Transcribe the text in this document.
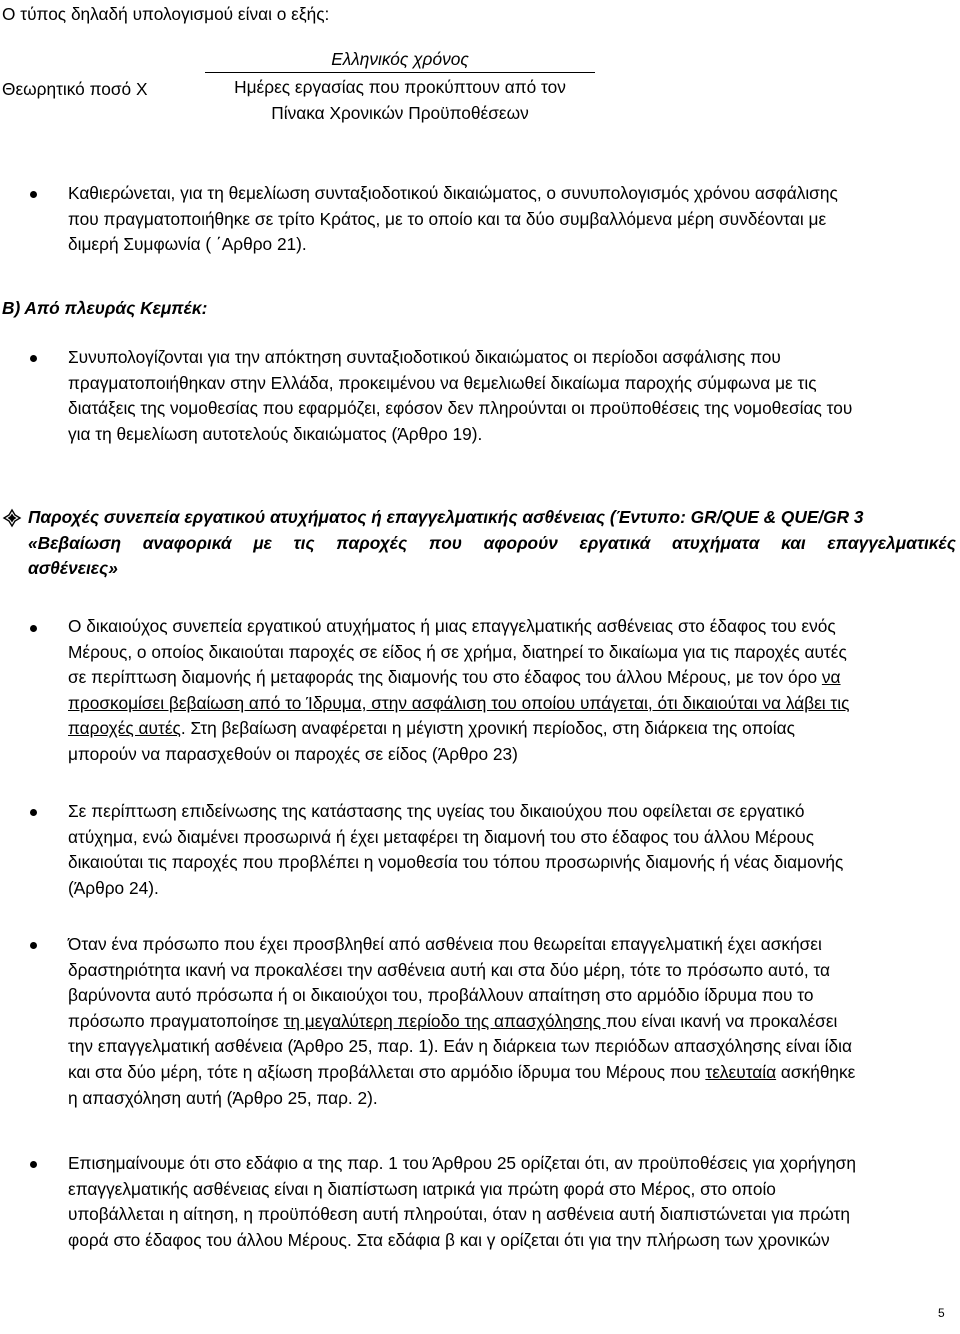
Ο τύπος δηλαδή υπολογισμού είναι ο εξής:
Θεωρητικό ποσό Χ
Ελληνικός χρόνος
Ημέρες εργασίας που προκύπτουν από τον
Πίνακα Χρονικών Προϋποθέσεων
Καθιερώνεται, για τη θεμελίωση συνταξιοδοτικού δικαιώματος, ο συνυπολογισμός χρόνου ασφάλισης
που πραγματοποιήθηκε σε τρίτο Κράτος, με το οποίο και τα δύο συμβαλλόμενα μέρη συνδέονται με
διμερή Συμφωνία ( ΄Αρθρο 21).
Β) Από πλευράς Κεμπέκ:
Συνυπολογίζονται για την απόκτηση συνταξιοδοτικού δικαιώματος οι περίοδοι ασφάλισης που
πραγματοποιήθηκαν στην Ελλάδα, προκειμένου να θεμελιωθεί δικαίωμα παροχής σύμφωνα με τις
διατάξεις της νομοθεσίας που εφαρμόζει, εφόσον δεν πληρούνται οι προϋποθέσεις της νομοθεσίας του
για τη θεμελίωση αυτοτελούς δικαιώματος (Άρθρο 19).
Παροχές συνεπεία εργατικού ατυχήματος ή επαγγελματικής ασθένειας (Έντυπο: GR/QUE & QUE/GR 3
«Βεβαίωση αναφορικά με τις παροχές που αφορούν εργατικά ατυχήματα και επαγγελματικές
ασθένειες»
Ο δικαιούχος συνεπεία εργατικού ατυχήματος ή μιας επαγγελματικής ασθένειας στο έδαφος του ενός
Μέρους, ο οποίος δικαιούται παροχές σε είδος ή σε χρήμα, διατηρεί το δικαίωμα για τις παροχές αυτές
σε περίπτωση διαμονής ή μεταφοράς της διαμονής του στο έδαφος του άλλου Μέρους, με τον όρο να
προσκομίσει βεβαίωση από το Ίδρυμα, στην ασφάλιση του οποίου υπάγεται, ότι δικαιούται να λάβει τις
παροχές αυτές. Στη βεβαίωση αναφέρεται η μέγιστη χρονική περίοδος, στη διάρκεια της οποίας
μπορούν να παρασχεθούν οι παροχές σε είδος (Άρθρο 23)
Σε περίπτωση επιδείνωσης της κατάστασης της υγείας του δικαιούχου που οφείλεται σε εργατικό
ατύχημα, ενώ διαμένει προσωρινά ή έχει μεταφέρει τη διαμονή του στο έδαφος του άλλου Μέρους
δικαιούται τις παροχές που προβλέπει η νομοθεσία του τόπου προσωρινής διαμονής ή νέας διαμονής
(Άρθρο 24).
Όταν ένα πρόσωπο που έχει προσβληθεί από ασθένεια που θεωρείται επαγγελματική έχει ασκήσει
δραστηριότητα ικανή να προκαλέσει την ασθένεια αυτή και στα δύο μέρη, τότε το πρόσωπο αυτό, τα
βαρύνοντα αυτό πρόσωπα ή οι δικαιούχοι του, προβάλλουν απαίτηση στο αρμόδιο ίδρυμα που το
πρόσωπο πραγματοποίησε τη μεγαλύτερη περίοδο της απασχόλησης που είναι ικανή να προκαλέσει
την επαγγελματική ασθένεια (Άρθρο 25, παρ. 1). Εάν η διάρκεια των περιόδων απασχόλησης είναι ίδια
και στα δύο μέρη, τότε η αξίωση προβάλλεται στο αρμόδιο ίδρυμα του Μέρους που τελευταία ασκήθηκε
η απασχόληση αυτή (Άρθρο 25, παρ. 2).
Επισημαίνουμε ότι στο εδάφιο α της παρ. 1 του Άρθρου 25 ορίζεται ότι, αν προϋποθέσεις για χορήγηση
επαγγελματικής ασθένειας είναι η διαπίστωση ιατρικά για πρώτη φορά στο Μέρος, στο οποίο
υποβάλλεται η αίτηση, η προϋπόθεση αυτή πληρούται, όταν η ασθένεια αυτή διαπιστώνεται για πρώτη
φορά στο έδαφος του άλλου Μέρους. Στα εδάφια β και γ ορίζεται ότι για την πλήρωση των χρονικών
5
